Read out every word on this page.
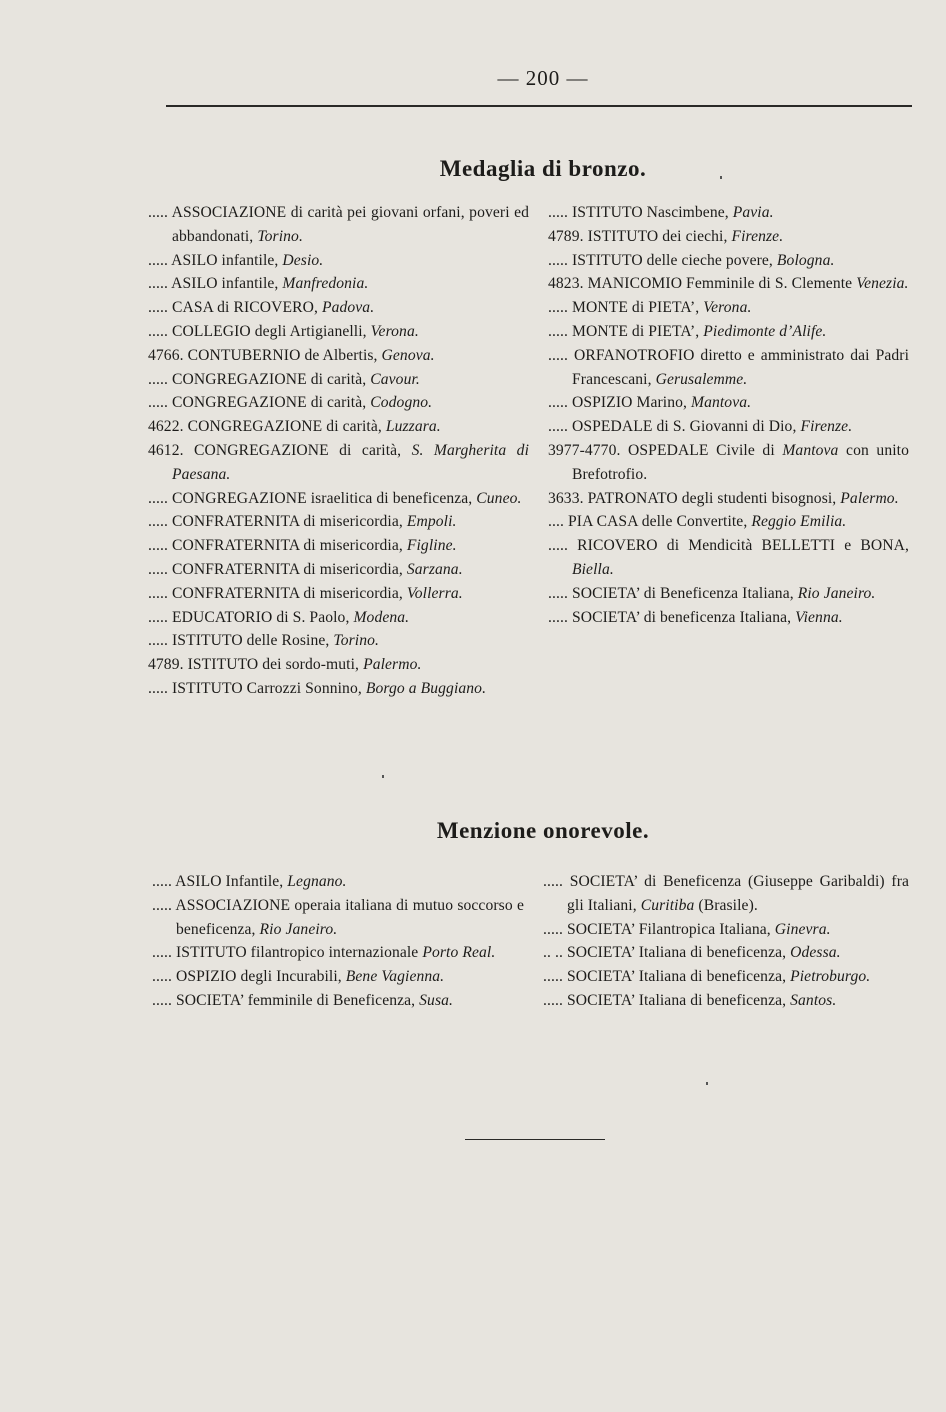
— 200 —
Medaglia di bronzo.
..... ASSOCIAZIONE di carità pei giovani orfani, poveri ed abbandonati, Torino.
..... ASILO infantile, Desio.
..... ASILO infantile, Manfredonia.
..... CASA di RICOVERO, Padova.
..... COLLEGIO degli Artigianelli, Verona.
4766. CONTUBERNIO de Albertis, Genova.
..... CONGREGAZIONE di carità, Cavour.
..... CONGREGAZIONE di carità, Codogno.
4622. CONGREGAZIONE di carità, Luzzara.
4612. CONGREGAZIONE di carità, S. Margherita di Paesana.
..... CONGREGAZIONE israelitica di beneficenza, Cuneo.
..... CONFRATERNITA di misericordia, Empoli.
..... CONFRATERNITA di misericordia, Figline.
..... CONFRATERNITA di misericordia, Sarzana.
..... CONFRATERNITA di misericordia, Vollerra.
..... EDUCATORIO di S. Paolo, Modena.
..... ISTITUTO delle Rosine, Torino.
4789. ISTITUTO dei sordo-muti, Palermo.
..... ISTITUTO Carrozzi Sonnino, Borgo a Buggiano.
..... ISTITUTO Nascimbene, Pavia.
4789. ISTITUTO dei ciechi, Firenze.
..... ISTITUTO delle cieche povere, Bologna.
4823. MANICOMIO Femminile di S. Clemente Venezia.
..... MONTE di PIETA’, Verona.
..... MONTE di PIETA’, Piedimonte d’Alife.
..... ORFANOTROFIO diretto e amministrato dai Padri Francescani, Gerusalemme.
..... OSPIZIO Marino, Mantova.
..... OSPEDALE di S. Giovanni di Dio, Firenze.
3977-4770. OSPEDALE Civile di Mantova con unito Brefotrofio.
3633. PATRONATO degli studenti bisognosi, Palermo.
.... PIA CASA delle Convertite, Reggio Emilia.
..... RICOVERO di Mendicità BELLETTI e BONA, Biella.
..... SOCIETA’ di Beneficenza Italiana, Rio Janeiro.
..... SOCIETA’ di beneficenza Italiana, Vienna.
Menzione onorevole.
..... ASILO Infantile, Legnano.
..... ASSOCIAZIONE operaia italiana di mutuo soccorso e beneficenza, Rio Janeiro.
..... ISTITUTO filantropico internazionale Porto Real.
..... OSPIZIO degli Incurabili, Bene Vagienna.
..... SOCIETA’ femminile di Beneficenza, Susa.
..... SOCIETA’ di Beneficenza (Giuseppe Garibaldi) fra gli Italiani, Curitiba (Brasile).
..... SOCIETA’ Filantropica Italiana, Ginevra.
.. .. SOCIETA’ Italiana di beneficenza, Odessa.
..... SOCIETA’ Italiana di beneficenza, Pietroburgo.
..... SOCIETA’ Italiana di beneficenza, Santos.
